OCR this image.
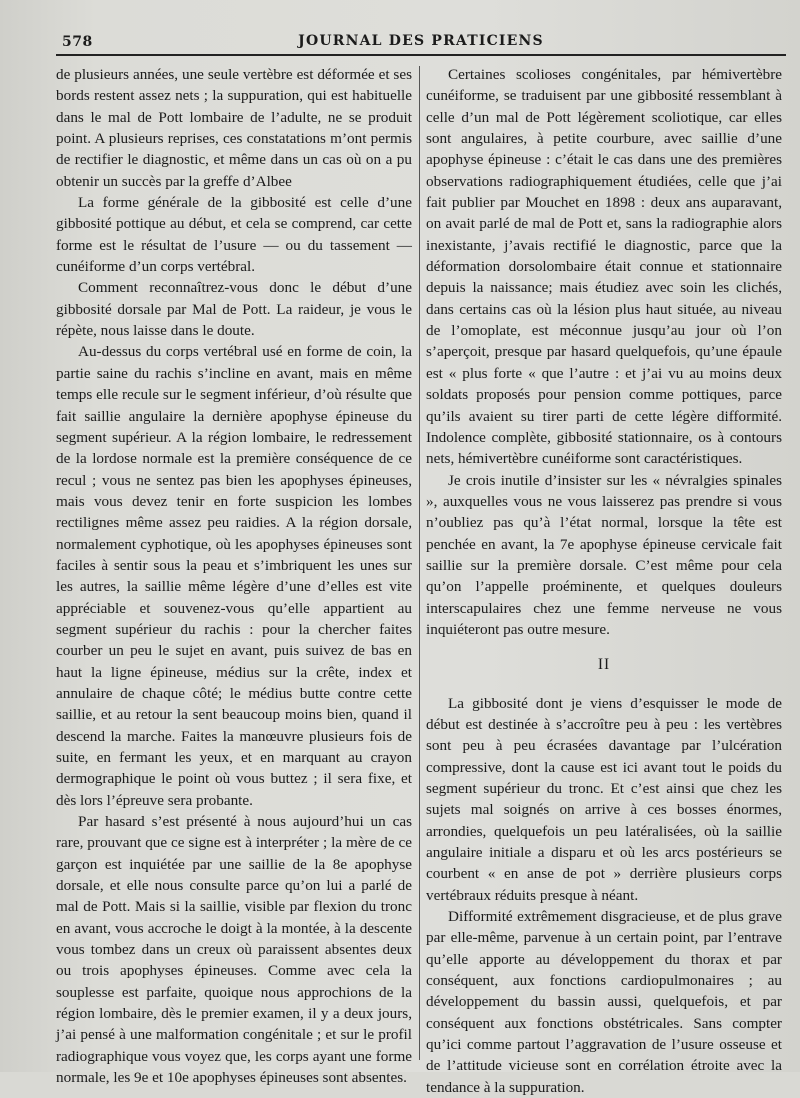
578	JOURNAL DES PRATICIENS

de plusieurs années, une seule vertèbre est déformée et ses bords restent assez nets ; la suppuration, qui est habituelle dans le mal de Pott lombaire de l’adulte, ne se produit point. A plusieurs reprises, ces constatations m’ont permis de rectifier le diagnostic, et même dans un cas où on a pu obtenir un succès par la greffe d’Albee

La forme générale de la gibbosité est celle d’une gibbosité pottique au début, et cela se comprend, car cette forme est le résultat de l’usure — ou du tassement — cunéiforme d’un corps vertébral.

Comment reconnaîtrez-vous donc le début d’une gibbosité dorsale par Mal de Pott. La raideur, je vous le répète, nous laisse dans le doute.

Au-dessus du corps vertébral usé en forme de coin, la partie saine du rachis s’incline en avant, mais en même temps elle recule sur le segment inférieur, d’où résulte que fait saillie angulaire la dernière apophyse épineuse du segment supérieur. A la région lombaire, le redressement de la lordose normale est la première conséquence de ce recul ; vous ne sentez pas bien les apophyses épineuses, mais vous devez tenir en forte suspicion les lombes rectilignes même assez peu raidies. A la région dorsale, normalement cyphotique, où les apophyses épineuses sont faciles à sentir sous la peau et s’imbriquent les unes sur les autres, la saillie même légère d’une d’elles est vite appréciable et souvenez-vous qu’elle appartient au segment supérieur du rachis : pour la chercher faites courber un peu le sujet en avant, puis suivez de bas en haut la ligne épineuse, médius sur la crête, index et annulaire de chaque côté; le médius butte contre cette saillie, et au retour la sent beaucoup moins bien, quand il descend la marche. Faites la manœuvre plusieurs fois de suite, en fermant les yeux, et en marquant au crayon dermographique le point où vous buttez ; il sera fixe, et dès lors l’épreuve sera probante.

Par hasard s’est présenté à nous aujourd’hui un cas rare, prouvant que ce signe est à interpréter ; la mère de ce garçon est inquiétée par une saillie de la 8e apophyse dorsale, et elle nous consulte parce qu’on lui a parlé de mal de Pott. Mais si la saillie, visible par flexion du tronc en avant, vous accroche le doigt à la montée, à la descente vous tombez dans un creux où paraissent absentes deux ou trois apophyses épineuses. Comme avec cela la souplesse est parfaite, quoique nous approchions de la région lombaire, dès le premier examen, il y a deux jours, j’ai pensé à une malformation congénitale ; et sur le profil radiographique vous voyez que, les corps ayant une forme normale, les 9e et 10e apophyses épineuses sont absentes.

Certaines scolioses congénitales, par hémivertèbre cunéiforme, se traduisent par une gibbosité ressemblant à celle d’un mal de Pott légèrement scoliotique, car elles sont angulaires, à petite courbure, avec saillie d’une apophyse épineuse : c’était le cas dans une des premières observations radiographiquement étudiées, celle que j’ai fait publier par Mouchet en 1898 : deux ans auparavant, on avait parlé de mal de Pott et, sans la radiographie alors inexistante, j’avais rectifié le diagnostic, parce que la déformation dorsolombaire était connue et stationnaire depuis la naissance; mais étudiez avec soin les clichés, dans certains cas où la lésion plus haut située, au niveau de l’omoplate, est méconnue jusqu’au jour où l’on s’aperçoit, presque par hasard quelquefois, qu’une épaule est « plus forte « que l’autre : et j’ai vu au moins deux soldats proposés pour pension comme pottiques, parce qu’ils avaient su tirer parti de cette légère difformité. Indolence complète, gibbosité stationnaire, os à contours nets, hémivertèbre cunéiforme sont caractéristiques.

Je crois inutile d’insister sur les « névralgies spinales », auxquelles vous ne vous laisserez pas prendre si vous n’oubliez pas qu’à l’état normal, lorsque la tête est penchée en avant, la 7e apophyse épineuse cervicale fait saillie sur la première dorsale. C’est même pour cela qu’on l’appelle proéminente, et quelques douleurs interscapulaires chez une femme nerveuse ne vous inquiéteront pas outre mesure.

II

La gibbosité dont je viens d’esquisser le mode de début est destinée à s’accroître peu à peu : les vertèbres sont peu à peu écrasées davantage par l’ulcération compressive, dont la cause est ici avant tout le poids du segment supérieur du tronc. Et c’est ainsi que chez les sujets mal soignés on arrive à ces bosses énormes, arrondies, quelquefois un peu latéralisées, où la saillie angulaire initiale a disparu et où les arcs postérieurs se courbent « en anse de pot » derrière plusieurs corps vertébraux réduits presque à néant.

Difformité extrêmement disgracieuse, et de plus grave par elle-même, parvenue à un certain point, par l’entrave qu’elle apporte au développement du thorax et par conséquent, aux fonctions cardiopulmonaires ; au développement du bassin aussi, quelquefois, et par conséquent aux fonctions obstétricales. Sans compter qu’ici comme partout l’aggravation de l’usure osseuse et de l’attitude vicieuse sont en corrélation étroite avec la tendance à la suppuration.
